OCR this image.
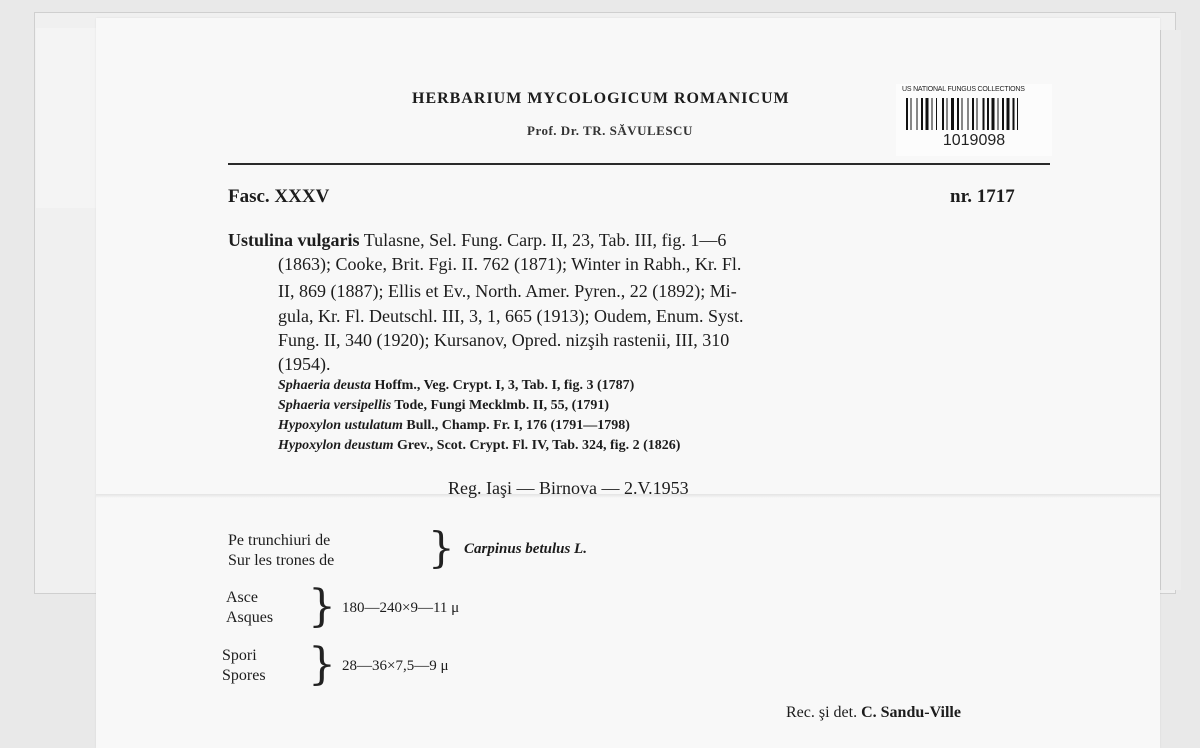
HERBARIUM MYCOLOGICUM ROMANICUM
Prof. Dr. TR. SĂVULESCU
US NATIONAL FUNGUS COLLECTIONS
1019098
Fasc. XXXV	nr. 1717
Ustulina vulgaris Tulasne, Sel. Fung. Carp. II, 23, Tab. III, fig. 1—6
(1863); Cooke, Brit. Fgi. II. 762 (1871); Winter in Rabh., Kr. Fl.
II, 869 (1887); Ellis et Ev., North. Amer. Pyren., 22 (1892); Mi-
gula, Kr. Fl. Deutschl. III, 3, 1, 665 (1913); Oudem, Enum. Syst.
Fung. II, 340 (1920); Kursanov, Opred. nizşih rastenii, III, 310
(1954).
Sphaeria deusta Hoffm., Veg. Crypt. I, 3, Tab. I, fig. 3 (1787)
Sphaeria versipellis Tode, Fungi Mecklmb. II, 55, (1791)
Hypoxylon ustulatum Bull., Champ. Fr. I, 176 (1791—1798)
Hypoxylon deustum Grev., Scot. Crypt. Fl. IV, Tab. 324, fig. 2 (1826)
Reg. Iaşi — Birnova — 2.V.1953
Pe trunchiuri de
Sur les trones de } Carpinus betulus L.
Asce
Asques } 180—240×9—11 μ
Spori
Spores } 28—36×7,5—9 μ
Rec. şi det. C. Sandu-Ville
